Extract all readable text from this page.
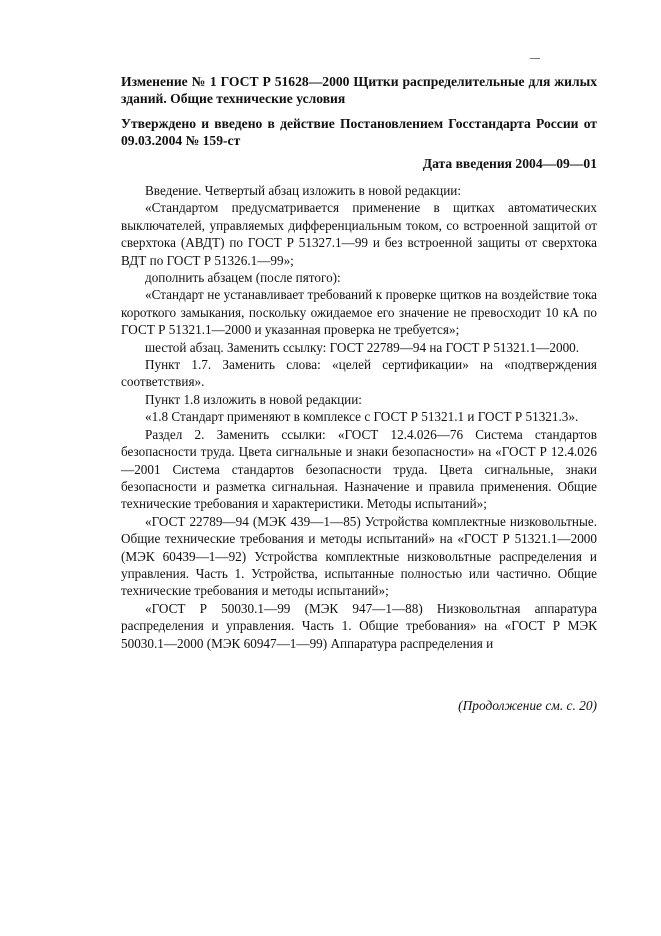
Изменение № 1 ГОСТ Р 51628—2000 Щитки распределительные для жилых зданий. Общие технические условия

Утверждено и введено в действие Постановлением Госстандарта России от 09.03.2004 № 159-ст

Дата введения 2004—09—01

Введение. Четвертый абзац изложить в новой редакции:

«Стандартом предусматривается применение в щитках автоматических выключателей, управляемых дифференциальным током, со встроенной защитой от сверхтока (АВДТ) по ГОСТ Р 51327.1—99 и без встроенной защиты от сверхтока ВДТ по ГОСТ Р 51326.1—99»;

дополнить абзацем (после пятого):

«Стандарт не устанавливает требований к проверке щитков на воздействие тока короткого замыкания, поскольку ожидаемое его значение не превосходит 10 кА по ГОСТ Р 51321.1—2000 и указанная проверка не требуется»;

шестой абзац. Заменить ссылку: ГОСТ 22789—94 на ГОСТ Р 51321.1—2000.

Пункт 1.7. Заменить слова: «целей сертификации» на «подтверждения соответствия».

Пункт 1.8 изложить в новой редакции:

«1.8 Стандарт применяют в комплексе с ГОСТ Р 51321.1 и ГОСТ Р 51321.3».

Раздел 2. Заменить ссылки: «ГОСТ 12.4.026—76 Система стандартов безопасности труда. Цвета сигнальные и знаки безопасности» на «ГОСТ Р 12.4.026—2001 Система стандартов безопасности труда. Цвета сигнальные, знаки безопасности и разметка сигнальная. Назначение и правила применения. Общие технические требования и характеристики. Методы испытаний»;

«ГОСТ 22789—94 (МЭК 439—1—85) Устройства комплектные низковольтные. Общие технические требования и методы испытаний» на «ГОСТ Р 51321.1—2000 (МЭК 60439—1—92) Устройства комплектные низковольтные распределения и управления. Часть 1. Устройства, испытанные полностью или частично. Общие технические требования и методы испытаний»;

«ГОСТ Р 50030.1—99 (МЭК 947—1—88) Низковольтная аппаратура распределения и управления. Часть 1. Общие требования» на «ГОСТ Р МЭК 50030.1—2000 (МЭК 60947—1—99) Аппаратура распределения и

(Продолжение см. с. 20)
